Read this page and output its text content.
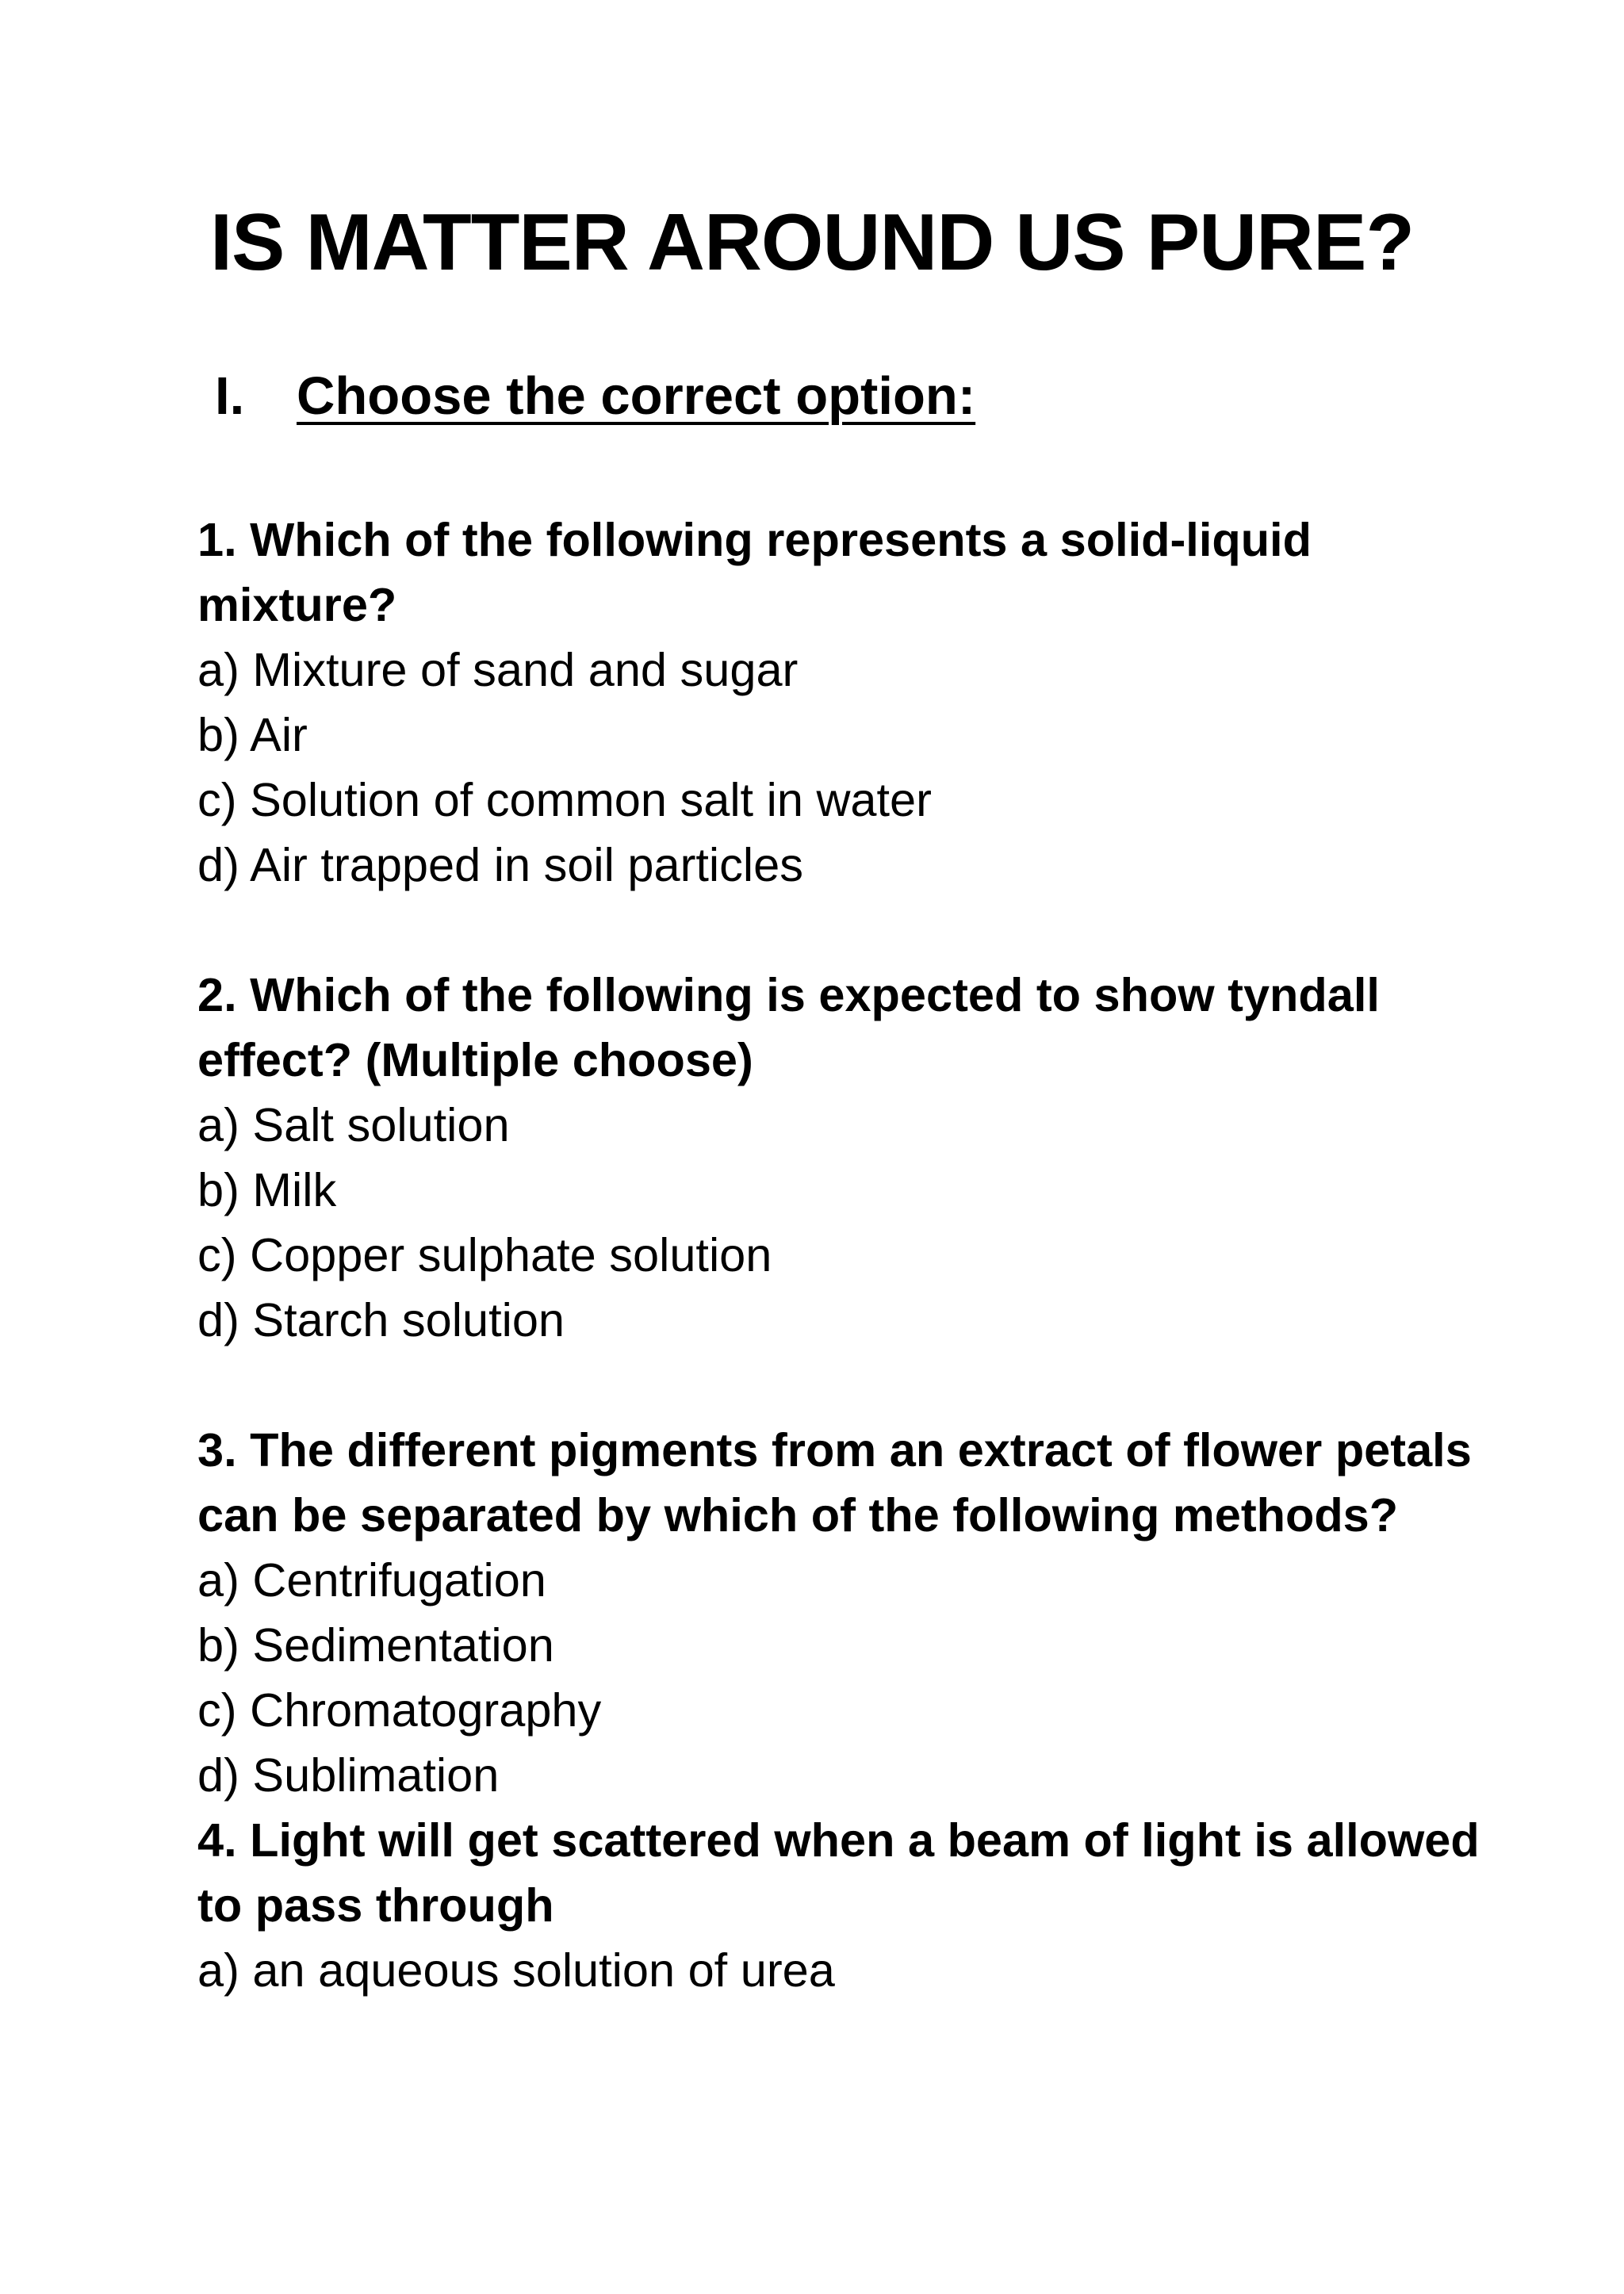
IS MATTER AROUND US PURE?
I. Choose the correct option:

1. Which of the following represents a solid-liquid mixture?

a) Mixture of sand and sugar
b) Air
c) Solution of common salt in water
d) Air trapped in soil particles

2. Which of the following is expected to show tyndall effect? (Multiple choose)

a) Salt solution
b) Milk
c) Copper sulphate solution
d) Starch solution

3. The different pigments from an extract of flower petals can be separated by which of the following methods?

a) Centrifugation
b) Sedimentation
c) Chromatography
d) Sublimation

4. Light will get scattered when a beam of light is allowed to pass through

a) an aqueous solution of urea
